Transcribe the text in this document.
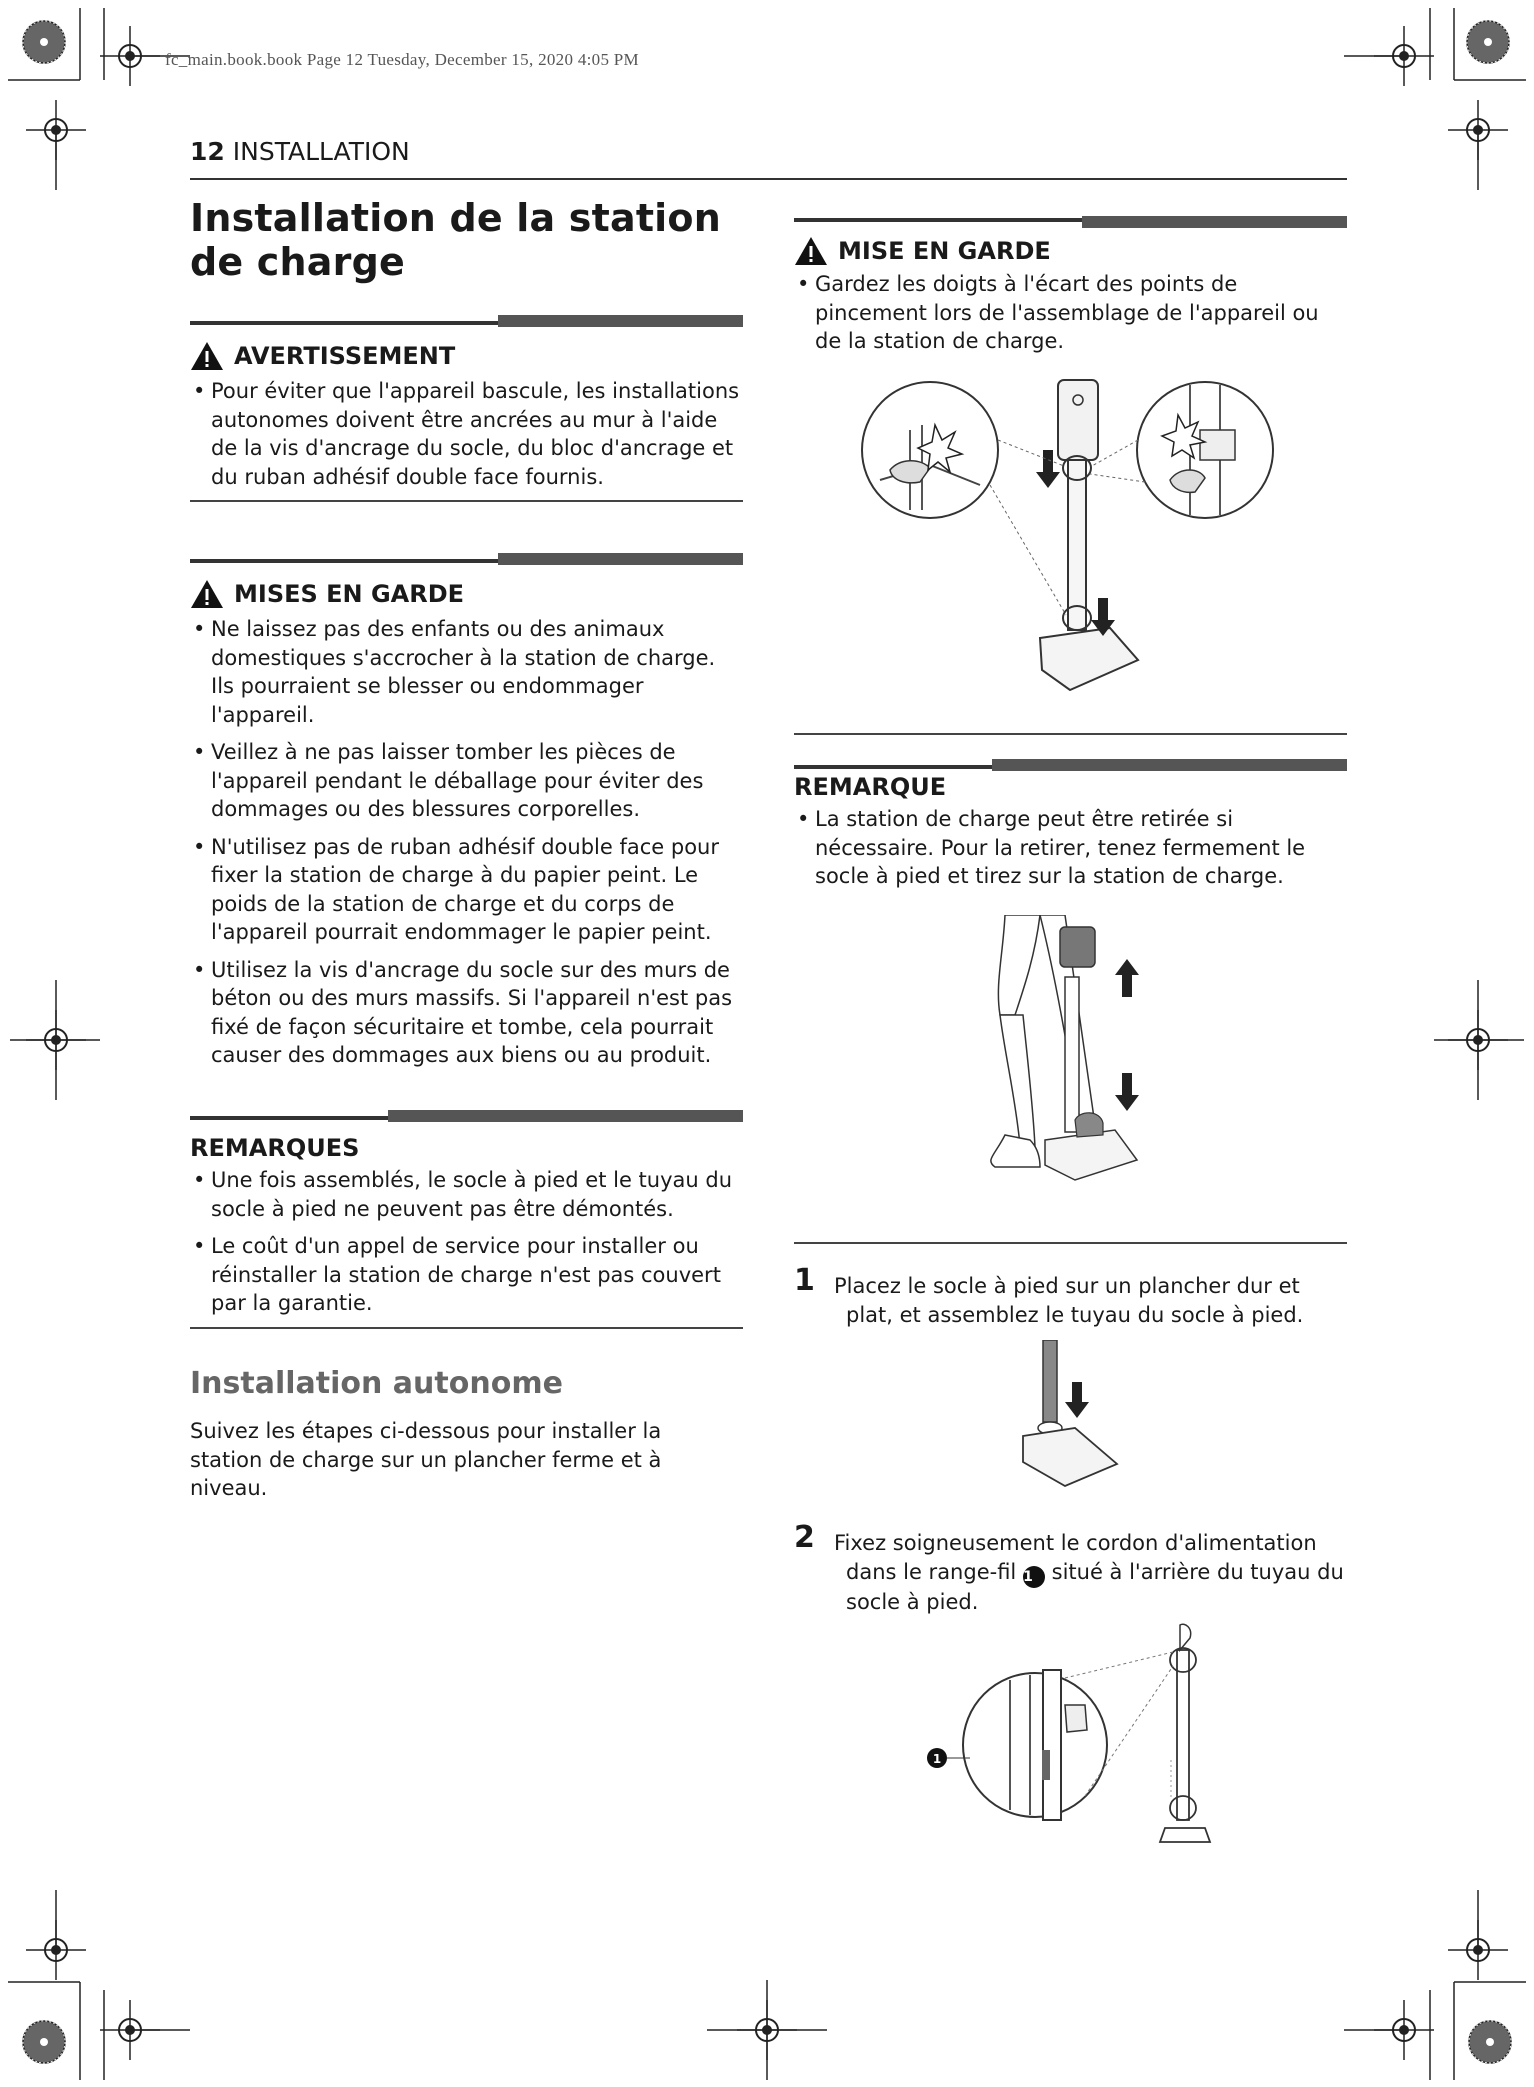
fc_main.book.book Page 12 Tuesday, December 15, 2020 4:05 PM
12 INSTALLATION
Installation de la station de charge
AVERTISSEMENT
• Pour éviter que l'appareil bascule, les installations autonomes doivent être ancrées au mur à l'aide de la vis d'ancrage du socle, du bloc d'ancrage et du ruban adhésif double face fournis.
MISES EN GARDE
• Ne laissez pas des enfants ou des animaux domestiques s'accrocher à la station de charge. Ils pourraient se blesser ou endommager l'appareil.
• Veillez à ne pas laisser tomber les pièces de l'appareil pendant le déballage pour éviter des dommages ou des blessures corporelles.
• N'utilisez pas de ruban adhésif double face pour fixer la station de charge à du papier peint. Le poids de la station de charge et du corps de l'appareil pourrait endommager le papier peint.
• Utilisez la vis d'ancrage du socle sur des murs de béton ou des murs massifs. Si l'appareil n'est pas fixé de façon sécuritaire et tombe, cela pourrait causer des dommages aux biens ou au produit.
REMARQUES
• Une fois assemblés, le socle à pied et le tuyau du socle à pied ne peuvent pas être démontés.
• Le coût d'un appel de service pour installer ou réinstaller la station de charge n'est pas couvert par la garantie.
Installation autonome
Suivez les étapes ci-dessous pour installer la station de charge sur un plancher ferme et à niveau.
MISE EN GARDE
• Gardez les doigts à l'écart des points de pincement lors de l'assemblage de l'appareil ou de la station de charge.
REMARQUE
• La station de charge peut être retirée si nécessaire. Pour la retirer, tenez fermement le socle à pied et tirez sur la station de charge.
1 Placez le socle à pied sur un plancher dur et plat, et assemblez le tuyau du socle à pied.
2 Fixez soigneusement le cordon d'alimentation dans le range-fil 1 situé à l'arrière du tuyau du socle à pied.
1
